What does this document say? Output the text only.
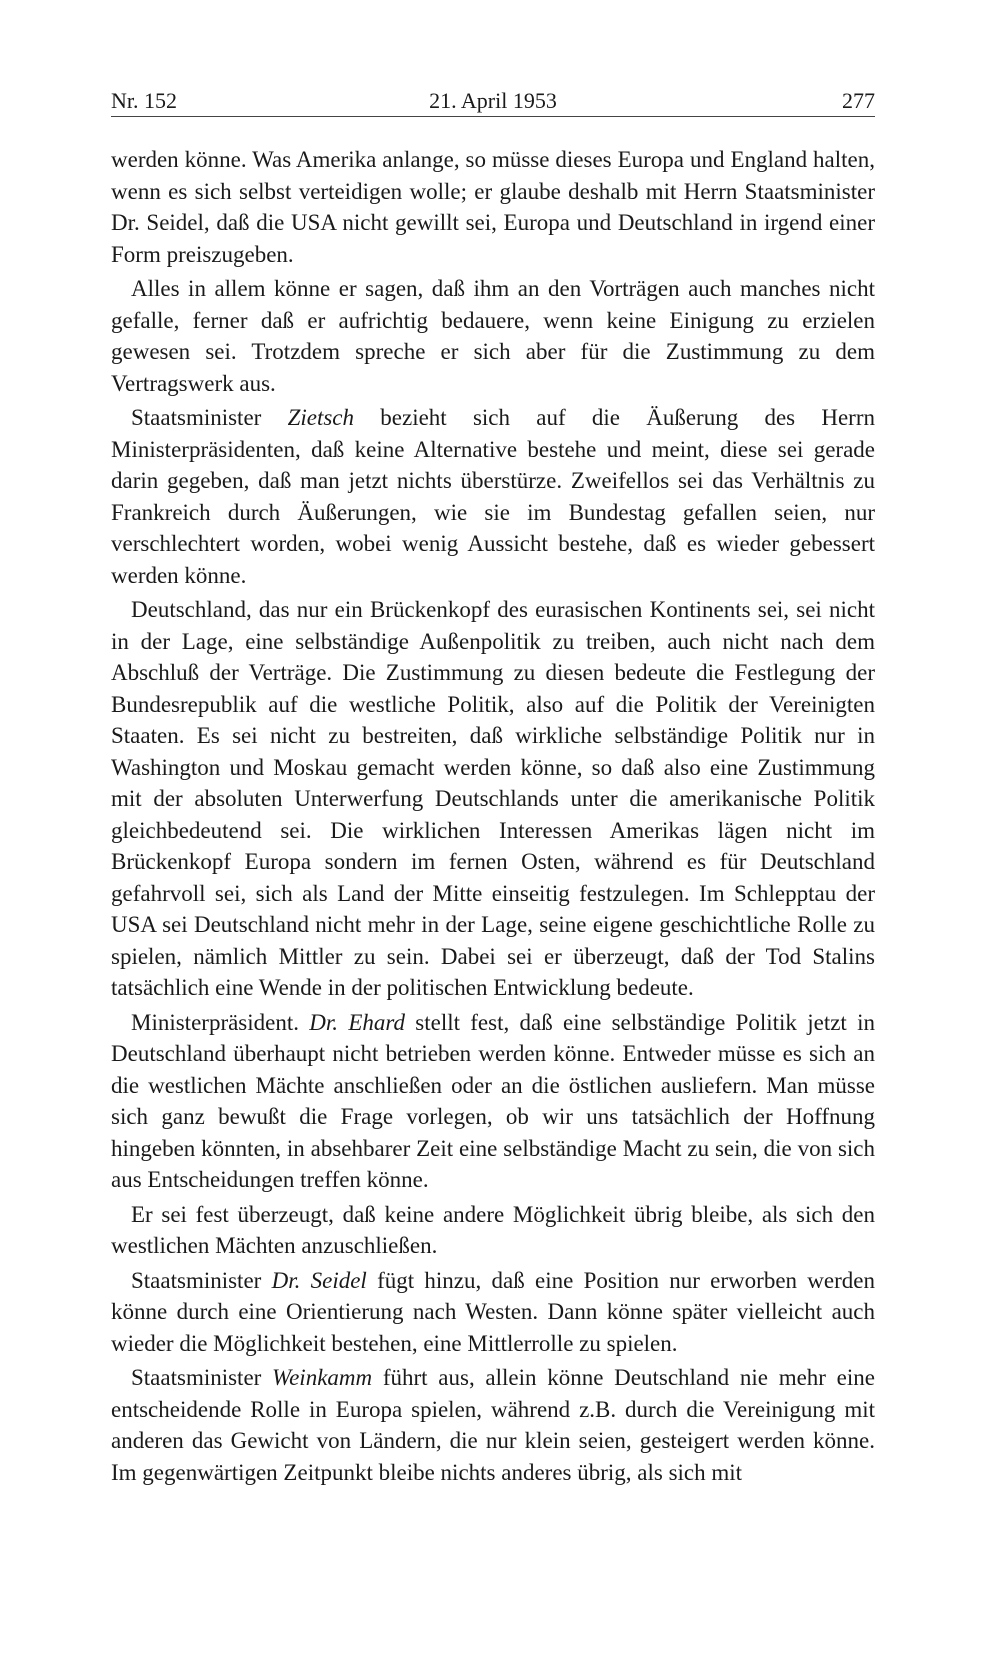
Nr. 152	21. April 1953	277

werden könne. Was Amerika anlange, so müsse dieses Europa und England halten, wenn es sich selbst verteidigen wolle; er glaube deshalb mit Herrn Staatsminister Dr. Seidel, daß die USA nicht gewillt sei, Europa und Deutschland in irgend einer Form preiszugeben.

Alles in allem könne er sagen, daß ihm an den Vorträgen auch manches nicht gefalle, ferner daß er aufrichtig bedauere, wenn keine Einigung zu erzielen gewesen sei. Trotzdem spreche er sich aber für die Zustimmung zu dem Vertragswerk aus.

Staatsminister Zietsch bezieht sich auf die Äußerung des Herrn Ministerpräsidenten, daß keine Alternative bestehe und meint, diese sei gerade darin gegeben, daß man jetzt nichts überstürze. Zweifellos sei das Verhältnis zu Frankreich durch Äußerungen, wie sie im Bundestag gefallen seien, nur verschlechtert worden, wobei wenig Aussicht bestehe, daß es wieder gebessert werden könne.

Deutschland, das nur ein Brückenkopf des eurasischen Kontinents sei, sei nicht in der Lage, eine selbständige Außenpolitik zu treiben, auch nicht nach dem Abschluß der Verträge. Die Zustimmung zu diesen bedeute die Festlegung der Bundesrepublik auf die westliche Politik, also auf die Politik der Vereinigten Staaten. Es sei nicht zu bestreiten, daß wirkliche selbständige Politik nur in Washington und Moskau gemacht werden könne, so daß also eine Zustimmung mit der absoluten Unterwerfung Deutschlands unter die amerikanische Politik gleichbedeutend sei. Die wirklichen Interessen Amerikas lägen nicht im Brückenkopf Europa sondern im fernen Osten, während es für Deutschland gefahrvoll sei, sich als Land der Mitte einseitig festzulegen. Im Schlepptau der USA sei Deutschland nicht mehr in der Lage, seine eigene geschichtliche Rolle zu spielen, nämlich Mittler zu sein. Dabei sei er überzeugt, daß der Tod Stalins tatsächlich eine Wende in der politischen Entwicklung bedeute.

Ministerpräsident. Dr. Ehard stellt fest, daß eine selbständige Politik jetzt in Deutschland überhaupt nicht betrieben werden könne. Entweder müsse es sich an die westlichen Mächte anschließen oder an die östlichen ausliefern. Man müsse sich ganz bewußt die Frage vorlegen, ob wir uns tatsächlich der Hoffnung hingeben könnten, in absehbarer Zeit eine selbständige Macht zu sein, die von sich aus Entscheidungen treffen könne.

Er sei fest überzeugt, daß keine andere Möglichkeit übrig bleibe, als sich den westlichen Mächten anzuschließen.

Staatsminister Dr. Seidel fügt hinzu, daß eine Position nur erworben werden könne durch eine Orientierung nach Westen. Dann könne später vielleicht auch wieder die Möglichkeit bestehen, eine Mittlerrolle zu spielen.

Staatsminister Weinkamm führt aus, allein könne Deutschland nie mehr eine entscheidende Rolle in Europa spielen, während z.B. durch die Vereinigung mit anderen das Gewicht von Ländern, die nur klein seien, gesteigert werden könne. Im gegenwärtigen Zeitpunkt bleibe nichts anderes übrig, als sich mit
